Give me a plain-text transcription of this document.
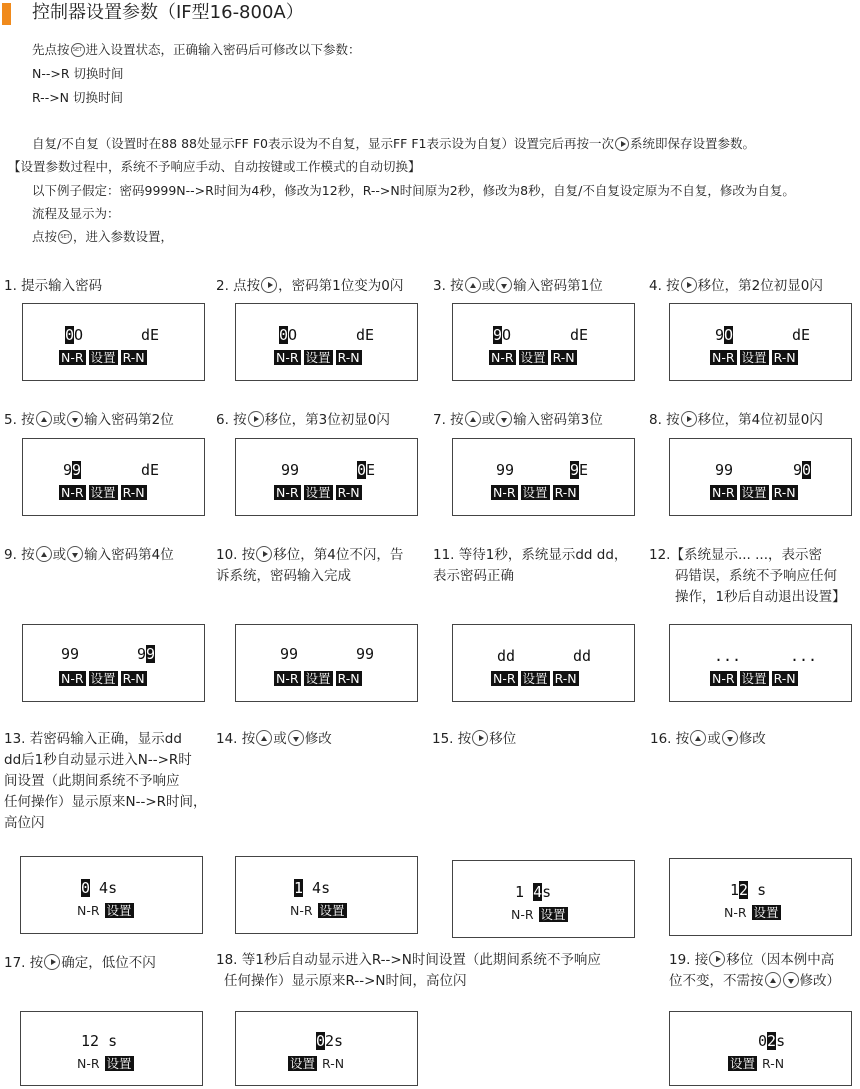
控制器设置参数（IF型16-800A）
先点按 SET 进入设置状态，正确输入密码后可修改以下参数：
N-->R 切换时间
R-->N 切换时间
自复/不自复（设置时在88 88处显示FF F0表示设为不自复，显示FF F1表示设为自复）设置完后再按一次 系统即保存设置参数。
【设置参数过程中，系统不予响应手动、自动按键或工作模式的自动切换】
以下例子假定：密码9999N-->R时间为4秒，修改为12秒，R-->N时间原为2秒，修改为8秒，自复/不自复设定原为不自复，修改为自复。
流程及显示为：
点按 SET ，进入参数设置，
1. 提示输入密码	2. 点按 ，密码第1位变为0闪 3. 按 或 输入密码第1位	4. 按 移位，第2位初显0闪
0O	dE
N-R 设置 R-N
0O	dE
N-R 设置 R-N
9O	dE
N-R 设置 R-N
9O	dE
N-R 设置 R-N
5. 按 或 输入密码第2位	6. 按 移位，第3位初显0闪	7. 按 或 输入密码第3位	8. 按 移位，第4位初显0闪
99	dE
N-R 设置 R-N
99	0E
N-R 设置 R-N
99	9E
N-R 设置 R-N
99	90
N-R 设置 R-N
9. 按 或 输入密码第4位	10. 按 移位，第4位不闪，告
诉系统，密码输入完成
11. 等待1秒，系统显示dd dd，
表示密码正确
12.【系统显示... ...，表示密
码错误，系统不予响应任何
操作，1秒后自动退出设置】
99	99
N-R 设置 R-N
99	99
N-R 设置 R-N
dd	dd
N-R 设置 R-N
...	...
N-R 设置 R-N
13. 若密码输入正确，显示dd
dd后1秒自动显示进入N-->R时
间设置（此期间系统不予响应
任何操作）显示原来N-->R时间，
高位闪
14. 按 或 修改	15. 按 移位	16. 按 或 修改
0 4s
N-R 设置
1 4s
N-R 设置
1 4s
N-R 设置
12 s
N-R 设置
17. 按 确定，低位不闪	18. 等1秒后自动显示进入R-->N时间设置（此期间系统不予响应
任何操作）显示原来R-->N时间，高位闪
19. 接 移位（因本例中高
位不变，不需按	修改）
12 s
N-R 设置
02s
设置 R-N
02s
设置 R-N
